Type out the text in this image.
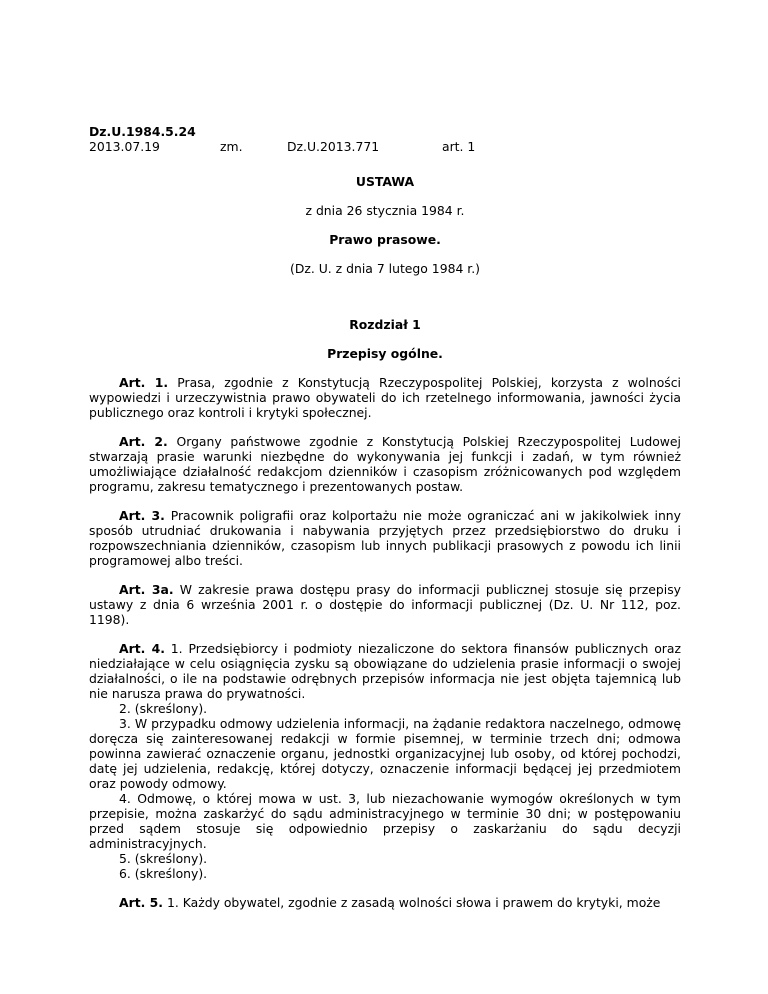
Dz.U.1984.5.24
2013.07.19	zm.	Dz.U.2013.771	art. 1
USTAWA
z dnia 26 stycznia 1984 r.
Prawo prasowe.
(Dz. U. z dnia 7 lutego 1984 r.)
Rozdział 1
Przepisy ogólne.

Art. 1. Prasa, zgodnie z Konstytucją Rzeczypospolitej Polskiej, korzysta z wolności wypowiedzi i urzeczywistnia prawo obywateli do ich rzetelnego informowania, jawności życia publicznego oraz kontroli i krytyki społecznej.

Art. 2. Organy państwowe zgodnie z Konstytucją Polskiej Rzeczypospolitej Ludowej stwarzają prasie warunki niezbędne do wykonywania jej funkcji i zadań, w tym również umożliwiające działalność redakcjom dzienników i czasopism zróżnicowanych pod względem programu, zakresu tematycznego i prezentowanych postaw.

Art. 3. Pracownik poligrafii oraz kolportażu nie może ograniczać ani w jakikolwiek inny sposób utrudniać drukowania i nabywania przyjętych przez przedsiębiorstwo do druku i rozpowszechniania dzienników, czasopism lub innych publikacji prasowych z powodu ich linii programowej albo treści.

Art. 3a. W zakresie prawa dostępu prasy do informacji publicznej stosuje się przepisy ustawy z dnia 6 września 2001 r. o dostępie do informacji publicznej (Dz. U. Nr 112, poz. 1198).

Art. 4. 1. Przedsiębiorcy i podmioty niezaliczone do sektora finansów publicznych oraz niedziałające w celu osiągnięcia zysku są obowiązane do udzielenia prasie informacji o swojej działalności, o ile na podstawie odrębnych przepisów informacja nie jest objęta tajemnicą lub nie narusza prawa do prywatności.

2. (skreślony).

3. W przypadku odmowy udzielenia informacji, na żądanie redaktora naczelnego, odmowę doręcza się zainteresowanej redakcji w formie pisemnej, w terminie trzech dni; odmowa powinna zawierać oznaczenie organu, jednostki organizacyjnej lub osoby, od której pochodzi, datę jej udzielenia, redakcję, której dotyczy, oznaczenie informacji będącej jej przedmiotem oraz powody odmowy.

4. Odmowę, o której mowa w ust. 3, lub niezachowanie wymogów określonych w tym przepisie, można zaskarżyć do sądu administracyjnego w terminie 30 dni; w postępowaniu przed sądem stosuje się odpowiednio przepisy o zaskarżaniu do sądu decyzji administracyjnych.

5. (skreślony).

6. (skreślony).

Art. 5. 1. Każdy obywatel, zgodnie z zasadą wolności słowa i prawem do krytyki, może
